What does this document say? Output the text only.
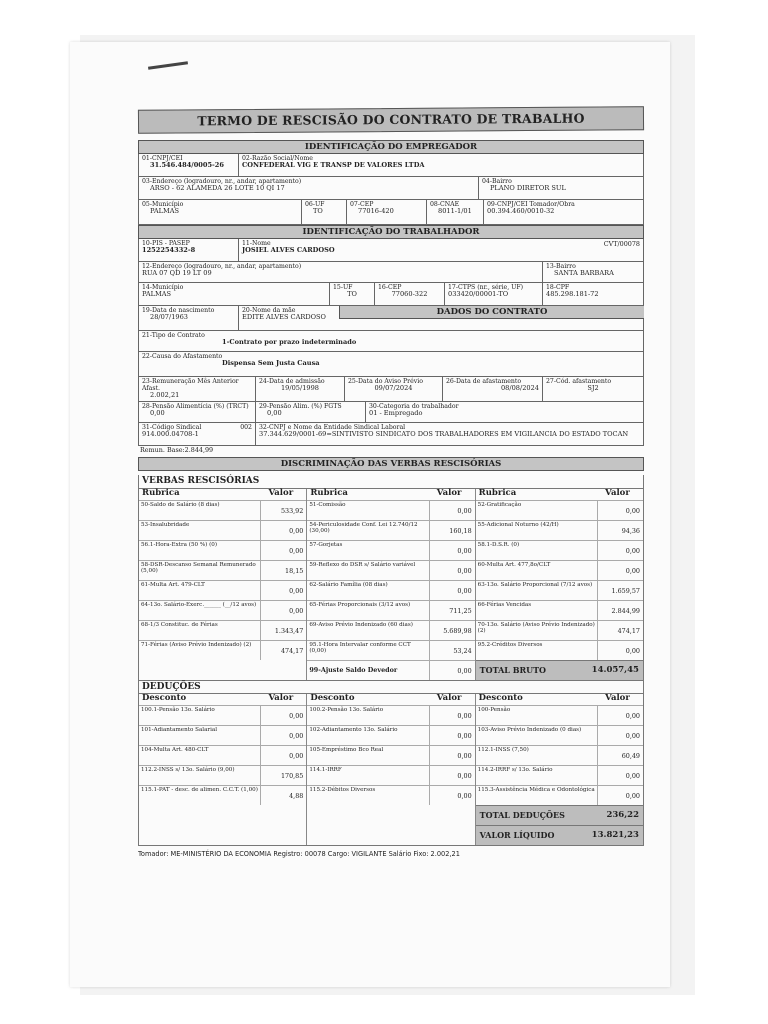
TERMO DE RESCISÃO DO CONTRATO DE TRABALHO
IDENTIFICAÇÃO DO EMPREGADOR
01-CNPJ/CEI
31.546.484/0005-26
02-Razão Social/Nome
CONFEDERAL VIG E TRANSP DE VALORES LTDA
03-Endereço (logradouro, nr., andar, apartamento)
ARSO - 62 ALAMEDA 26 LOTE 10 QI 17
04-Bairro
PLANO DIRETOR SUL
05-Município
PALMAS
06-UF
TO
07-CEP
77016-420
08-CNAE
8011-1/01
09-CNPJ/CEI Tomador/Obra
00.394.460/0010-32
IDENTIFICAÇÃO DO TRABALHADOR
10-PIS - PASEP
1252254332-8
11-Nome
JOSIEL ALVES CARDOSO
CVT/00078
12-Endereço (logradouro, nr., andar, apartamento)
RUA 07 QD 19 LT 09
13-Bairro
SANTA BARBARA
14-Município
PALMAS
15-UF
TO
16-CEP
77060-322
17-CTPS (nr., série, UF)
033420/00001-TO
18-CPF
485.298.181-72
19-Data de nascimento
28/07/1963
20-Nome da mãe
EDITE ALVES CARDOSO
DADOS DO CONTRATO
21-Tipo de Contrato
1-Contrato por prazo indeterminado
22-Causa do Afastamento
Dispensa Sem Justa Causa
23-Remuneração Mês Anterior Afast.
2.002,21
24-Data de admissão
19/05/1998
25-Data do Aviso Prévio
09/07/2024
26-Data de afastamento
08/08/2024
27-Cód. afastamento
SJ2
28-Pensão Alimentícia (%) (TRCT)
0,00
29-Pensão Alim. (%) FGTS
0,00
30-Categoria do trabalhador
01 - Empregado
31-Código Sindical	002
914.000.04708-1
32-CNPJ e Nome da Entidade Sindical Laboral
37.344.629/0001-69=SINTIVISTO SINDICATO DOS TRABALHADORES EM VIGILANCIA DO ESTADO TOCAN
Remun. Base:2.844,99
DISCRIMINAÇÃO DAS VERBAS RESCISÓRIAS
VERBAS RESCISÓRIAS
Rubrica	Valor
50-Saldo de Salário (8 dias)
533,92
53-Insalubridade
0,00
56.1-Hora-Extra (50 %) (0)
0,00
58-DSR-Descanso Semanal Remunerado (5,00)	18,15
61-Multa Art. 479-CLT
0,00
64-13o. Salário-Exerc.______ (__/12 avos)
0,00
68-1/3 Constituc. de Férias
1.343,47
71-Férias (Aviso Prévio Indenizado) (2)
474,17
Rubrica	Valor
51-Comissão
0,00
54-Periculosidade Conf. Lei 12.740/12 (30,00)	160,18
57-Gorjetas
0,00
59-Reflexo do DSR s/ Salário variável
0,00
62-Salário Família (08 dias)
0,00
65-Férias Proporcionais (3/12 avos)
711,25
69-Aviso Prévio Indenizado (60 dias)
5.689,98
95.1-Hora Intervalar conforme CCT (0,00)	53,24
99-Ajuste Saldo Devedor	0,00
Rubrica	Valor
52-Gratificação
0,00
55-Adicional Noturno (42/H)
94,36
58.1-D.S.R. (0)
0,00
60-Multa Art. 477,8o/CLT
0,00
63-13o. Salário Proporcional (7/12 avos)
1.659,57
66-Férias Vencidas
2.844,99
70-13o. Salário (Aviso Prévio Indenizado) (2)	474,17
95.2-Créditos Diversos
0,00
TOTAL BRUTO	14.057,45
DEDUÇÕES
Desconto	Valor
100.1-Pensão 13o. Salário
0,00
101-Adiantamento Salarial
0,00
104-Multa Art. 480-CLT
0,00
112.2-INSS s/ 13o. Salário (9,00)
170,85
115.1-PAT - desc. de alimen. C.C.T. (1,00)
4,88
Desconto	Valor
100.2-Pensão 13o. Salário
0,00
102-Adiantamento 13o. Salário
0,00
105-Empréstimo Bco Real
0,00
114.1-IRRF
0,00
115.2-Débitos Diversos
0,00
Desconto	Valor
100-Pensão
0,00
103-Aviso Prévio Indenizado (0 dias)
0,00
112.1-INSS (7,50)
60,49
114.2-IRRF s/ 13o. Salário
0,00
115.3-Assistência Médica e Odontológica
0,00
TOTAL DEDUÇÕES	236,22
VALOR LÍQUIDO	13.821,23
Tomador: ME-MINISTÉRIO DA ECONOMIA Registro: 00078 Cargo: VIGILANTE Salário Fixo: 2.002,21
